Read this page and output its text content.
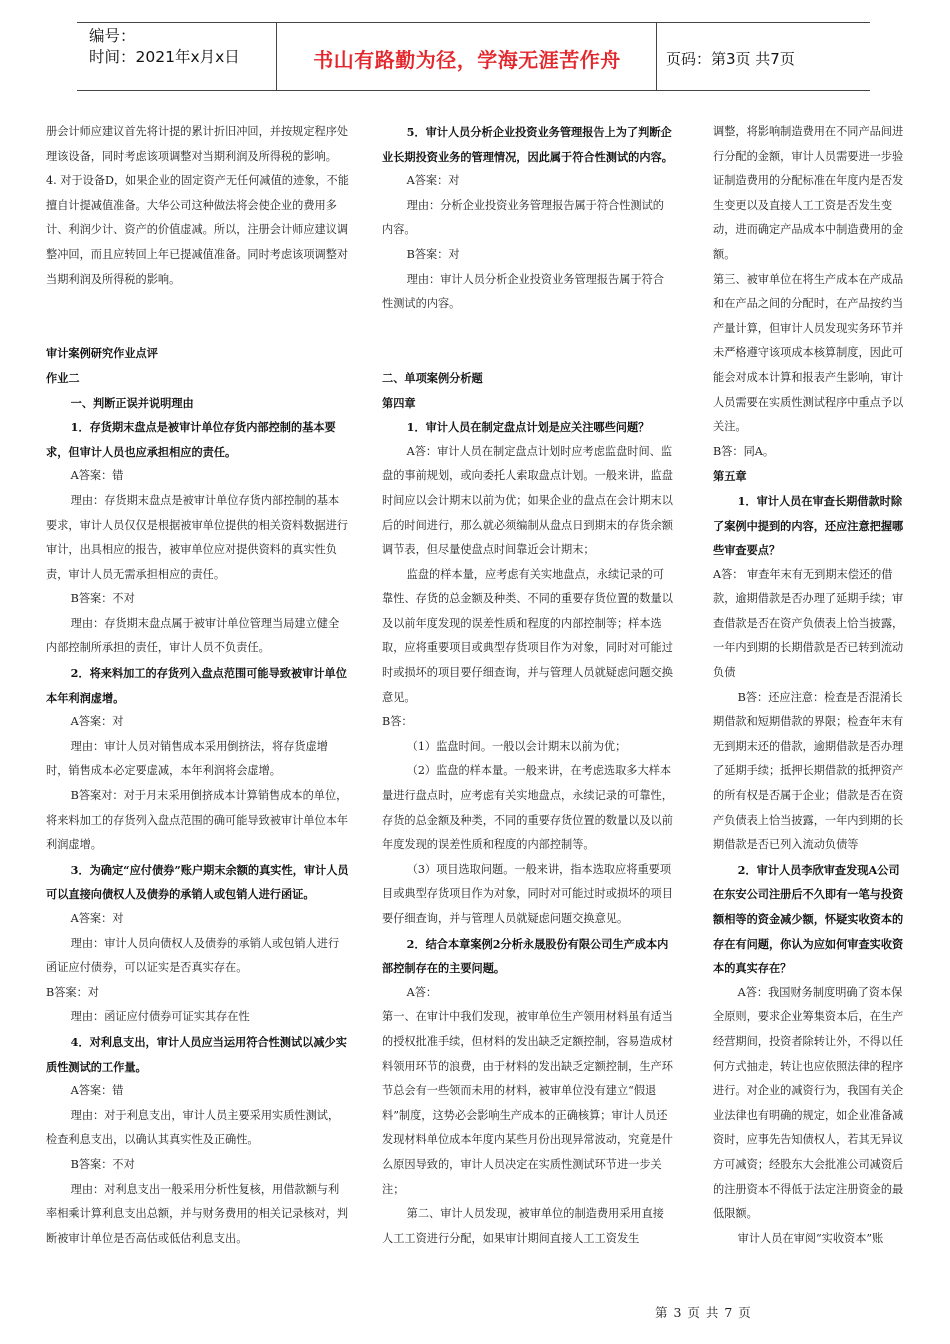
编号：
时间：2021年x月x日	书山有路勤为径，学海无涯苦作舟	页码：第3页 共7页

册会计师应建议首先将计提的累计折旧冲回，并按规定程序处理该设备，同时考虑该项调整对当期利润及所得税的影响。

4. 对于设备D，如果企业的固定资产无任何减值的迹象，不能擅自计提减值准备。大华公司这种做法将会使企业的费用多计、利润少计、资产的价值虚减。所以，注册会计师应建议调整冲回，而且应转回上年已提减值准备。同时考虑该项调整对当期利润及所得税的影响。

审计案例研究作业点评

作业二

一、判断正误并说明理由

1．存货期末盘点是被审计单位存货内部控制的基本要求，但审计人员也应承担相应的责任。

A答案：错

理由：存货期末盘点是被审计单位存货内部控制的基本要求，审计人员仅仅是根据被审单位提供的相关资料数据进行审计，出具相应的报告，被审单位应对提供资料的真实性负责，审计人员无需承担相应的责任。

B答案：不对

理由：存货期末盘点属于被审计单位管理当局建立健全内部控制所承担的责任，审计人员不负责任。

2．将来料加工的存货列入盘点范围可能导致被审计单位本年利润虚增。

A答案：对

理由：审计人员对销售成本采用倒挤法，将存货虚增时，销售成本必定要虚减，本年利润将会虚增。

B答案对：对于月末采用倒挤成本计算销售成本的单位，将来料加工的存货列入盘点范围的确可能导致被审计单位本年利润虚增。

3．为确定“应付债券”账户期末余额的真实性，审计人员可以直接向债权人及债券的承销人或包销人进行函证。

A答案：对

理由：审计人员向债权人及债券的承销人或包销人进行函证应付债券，可以证实是否真实存在。

B答案：对

理由：函证应付债券可证实其存在性

4．对利息支出，审计人员应当运用符合性测试以减少实质性测试的工作量。

A答案：错

理由：对于利息支出，审计人员主要采用实质性测试，检查利息支出，以确认其真实性及正确性。

B答案：不对

理由：对利息支出一般采用分析性复核，用借款额与利率相乘计算利息支出总额，并与财务费用的相关记录核对，判断被审计单位是否高估或低估利息支出。

5．审计人员分析企业投资业务管理报告上为了判断企业长期投资业务的管理情况，因此属于符合性测试的内容。

A答案：对

理由：分析企业投资业务管理报告属于符合性测试的内容。

B答案：对

理由：审计人员分析企业投资业务管理报告属于符合性测试的内容。

二、单项案例分析题

第四章

1．审计人员在制定盘点计划是应关注哪些问题？

A答：审计人员在制定盘点计划时应考虑监盘时间、监盘的事前规划，或向委托人索取盘点计划。一般来讲，监盘时间应以会计期末以前为优；如果企业的盘点在会计期末以后的时间进行，那么就必须编制从盘点日到期末的存货余额调节表，但尽量使盘点时间靠近会计期末；

监盘的样本量，应考虑有关实地盘点，永续记录的可靠性、存货的总金额及种类、不同的重要存货位置的数量以及以前年度发现的误差性质和程度的内部控制等；样本选取，应将重要项目或典型存货项目作为对象，同时对可能过时或损坏的项目要仔细查询，并与管理人员就疑虑问题交换意见。

B答：

（1）监盘时间。一般以会计期末以前为优；

（2）监盘的样本量。一般来讲，在考虑选取多大样本量进行盘点时，应考虑有关实地盘点，永续记录的可靠性，存货的总金额及种类，不同的重要存货位置的数量以及以前年度发现的误差性质和程度的内部控制等。

（3）项目选取问题。一般来讲，指本选取应将重要项目或典型存货项目作为对象，同时对可能过时或损坏的项目要仔细查询，并与管理人员就疑虑问题交换意见。

2．结合本章案例2分析永晟股份有限公司生产成本内部控制存在的主要问题。

A答：

第一、在审计中我们发现，被审单位生产领用材料虽有适当的授权批准手续，但材料的发出缺乏定额控制，容易造成材料领用环节的浪费，由于材料的发出缺乏定额控制，生产环节总会有一些领而未用的材料，被审单位没有建立“假退料”制度，这势必会影响生产成本的正确核算；审计人员还发现材料单位成本年度内某些月份出现异常波动，究竟是什么原因导致的，审计人员决定在实质性测试环节进一步关注；

第二、审计人员发现，被审单位的制造费用采用直接人工工资进行分配，如果审计期间直接人工工资发生

调整，将影响制造费用在不同产品间进行分配的金额，审计人员需要进一步验证制造费用的分配标准在年度内是否发生变更以及直接人工工资是否发生变动，进而确定产品成本中制造费用的金额。

第三、被审单位在将生产成本在产成品和在产品之间的分配时，在产品按约当产量计算，但审计人员发现实务环节并未严格遵守该项成本核算制度，因此可能会对成本计算和报表产生影响，审计人员需要在实质性测试程序中重点予以关注。

B答：同A。

第五章

1．审计人员在审查长期借款时除了案例中提到的内容，还应注意把握哪些审查要点？

A答： 审查年末有无到期末偿还的借款，逾期借款是否办理了延期手续；审查借款是否在资产负债表上恰当披露，一年内到期的长期借款是否已转到流动负债

B答：还应注意：检查是否混淆长期借款和短期借款的界限；检查年末有无到期末还的借款，逾期借款是否办理了延期手续；抵押长期借款的抵押资产的所有权是否属于企业；借款是否在资产负债表上恰当披露，一年内到期的长期借款是否已列入流动负债等

2．审计人员李欣审查发现A公司在东安公司注册后不久即有一笔与投资额相等的资金减少额，怀疑实收资本的存在有问题，你认为应如何审查实收资本的真实存在？

A答：我国财务制度明确了资本保全原则，要求企业筹集资本后，在生产经营期间，投资者除转让外，不得以任何方式抽走，转让也应依照法律的程序进行。对企业的减资行为，我国有关企业法律也有明确的规定，如企业准备减资时，应事先告知债权人，若其无异议方可减资；经股东大会批准公司减资后的注册资本不得低于法定注册资金的最低限额。

审计人员在审阅“实收资本”账

第 3 页 共 7 页
